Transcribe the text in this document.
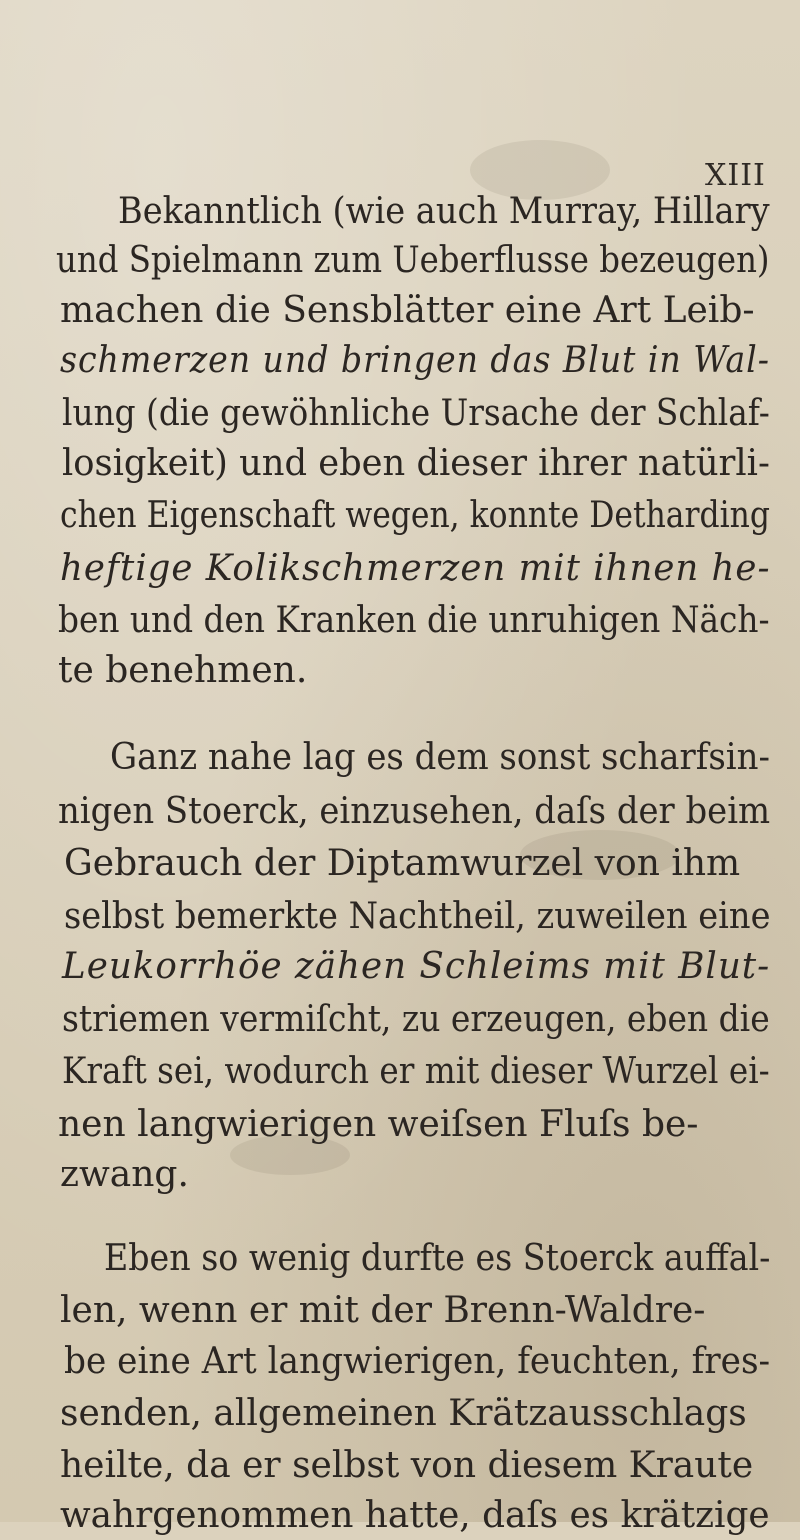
XIII
Bekanntlich (wie auch Murray, Hillary
und Spielmann zum Ueberflusse bezeugen)
machen die Sensblätter eine Art Leib-
schmerzen und bringen das Blut in Wal-
lung (die gewöhnliche Ursache der Schlaf-
losigkeit) und eben dieser ihrer natürli-
chen Eigenschaft wegen, konnte Detharding
heftige Kolikschmerzen mit ihnen he-
ben und den Kranken die unruhigen Näch-
te benehmen.
Ganz nahe lag es dem sonst scharfsin-
nigen Stoerck, einzusehen, daſs der beim
Gebrauch der Diptamwurzel von ihm
selbst bemerkte Nachtheil, zuweilen eine
Leukorrhöe zähen Schleims mit Blut-
striemen vermiſcht, zu erzeugen, eben die
Kraft sei, wodurch er mit dieser Wurzel ei-
nen langwierigen weiſsen Fluſs be-
zwang.
Eben so wenig durfte es Stoerck auffal-
len, wenn er mit der Brenn-Waldre-
be eine Art langwierigen, feuchten, fres-
senden, allgemeinen Krätzausschlags
heilte, da er selbst von diesem Kraute
wahrgenommen hatte, daſs es krätzige
